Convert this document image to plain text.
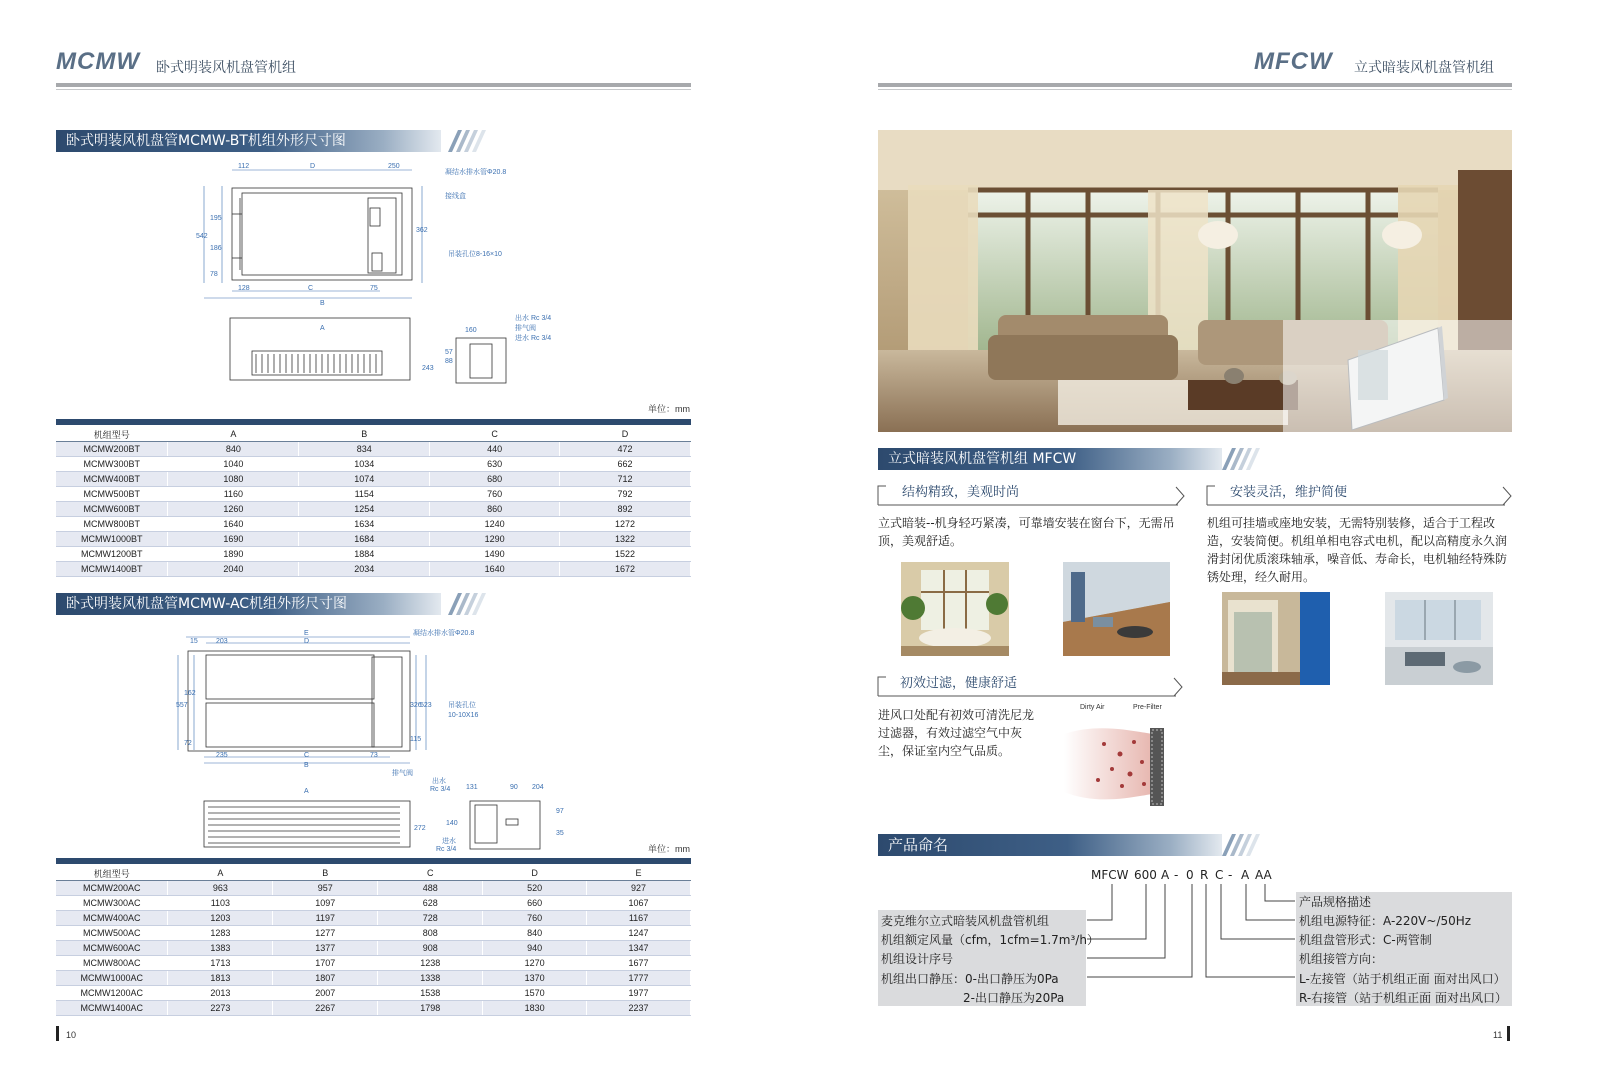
MCMW 卧式明装风机盘管机组
卧式明装风机盘管MCMW-BT机组外形尺寸图
112	D	250
凝结水排水管Φ20.8
接线盒
吊装孔位8-16×10
542
195
186
78
362
128	C	75
B
A	160
出水 Rc 3/4
排气阀
进水 Rc 3/4
243
88
57
单位：mm
机组型号	A	B	C	D
MCMW200BT	840	834	440	472
MCMW300BT	1040	1034	630	662
MCMW400BT	1080	1074	680	712
MCMW500BT	1160	1154	760	792
MCMW600BT	1260	1254	860	892
MCMW800BT	1640	1634	1240	1272
MCMW1000BT	1690	1684	1290	1322
MCMW1200BT	1890	1884	1490	1522
MCMW1400BT	2040	2034	1640	1672
卧式明装风机盘管MCMW-AC机组外形尺寸图
15	203
E
D
凝结水排水管Φ20.8
557
162
72
326
523
115
吊装孔位
10-10X16
235	C	73
B
排气阀
A
出水
Rc 3/4 131	90 204
272
140
97
35
进水
Rc 3/4	单位：mm
机组型号	A	B	C	D	E
MCMW200AC	963	957	488	520	927
MCMW300AC	1103	1097	628	660	1067
MCMW400AC	1203	1197	728	760	1167
MCMW500AC	1283	1277	808	840	1247
MCMW600AC	1383	1377	908	940	1347
MCMW800AC	1713	1707	1238	1270	1677
MCMW1000AC	1813	1807	1338	1370	1777
MCMW1200AC	2013	2007	1538	1570	1977
MCMW1400AC	2273	2267	1798	1830	2237
10
MFCW 立式暗装风机盘管机组
立式暗装风机盘管机组 MFCW
结构精致，美观时尚
立式暗装--机身轻巧紧凑，可靠墙安装在窗台下，无需吊顶，美观舒适。
安装灵活，维护简便
机组可挂墙或座地安装，无需特别装修，适合于工程改造，安装简便。机组单相电容式电机，配以高精度永久润滑封闭优质滚珠轴承，噪音低、寿命长，电机轴经特殊防锈处理，经久耐用。
初效过滤，健康舒适
进风口处配有初效可清洗尼龙过滤器，有效过滤空气中灰尘，保证室内空气品质。
Dirty Air	Pre-Filter
产品命名
MFCW 600 A - 0 R C - A AA
麦克维尔立式暗装风机盘管机组
机组额定风量（cfm，1cfm=1.7m³/h）
机组设计序号
机组出口静压：0-出口静压为0Pa
2-出口静压为20Pa
产品规格描述
机组电源特征：A-220V~/50Hz
机组盘管形式：C-两管制
机组接管方向：
L-左接管（站于机组正面 面对出风口）
R-右接管（站于机组正面 面对出风口）
11
